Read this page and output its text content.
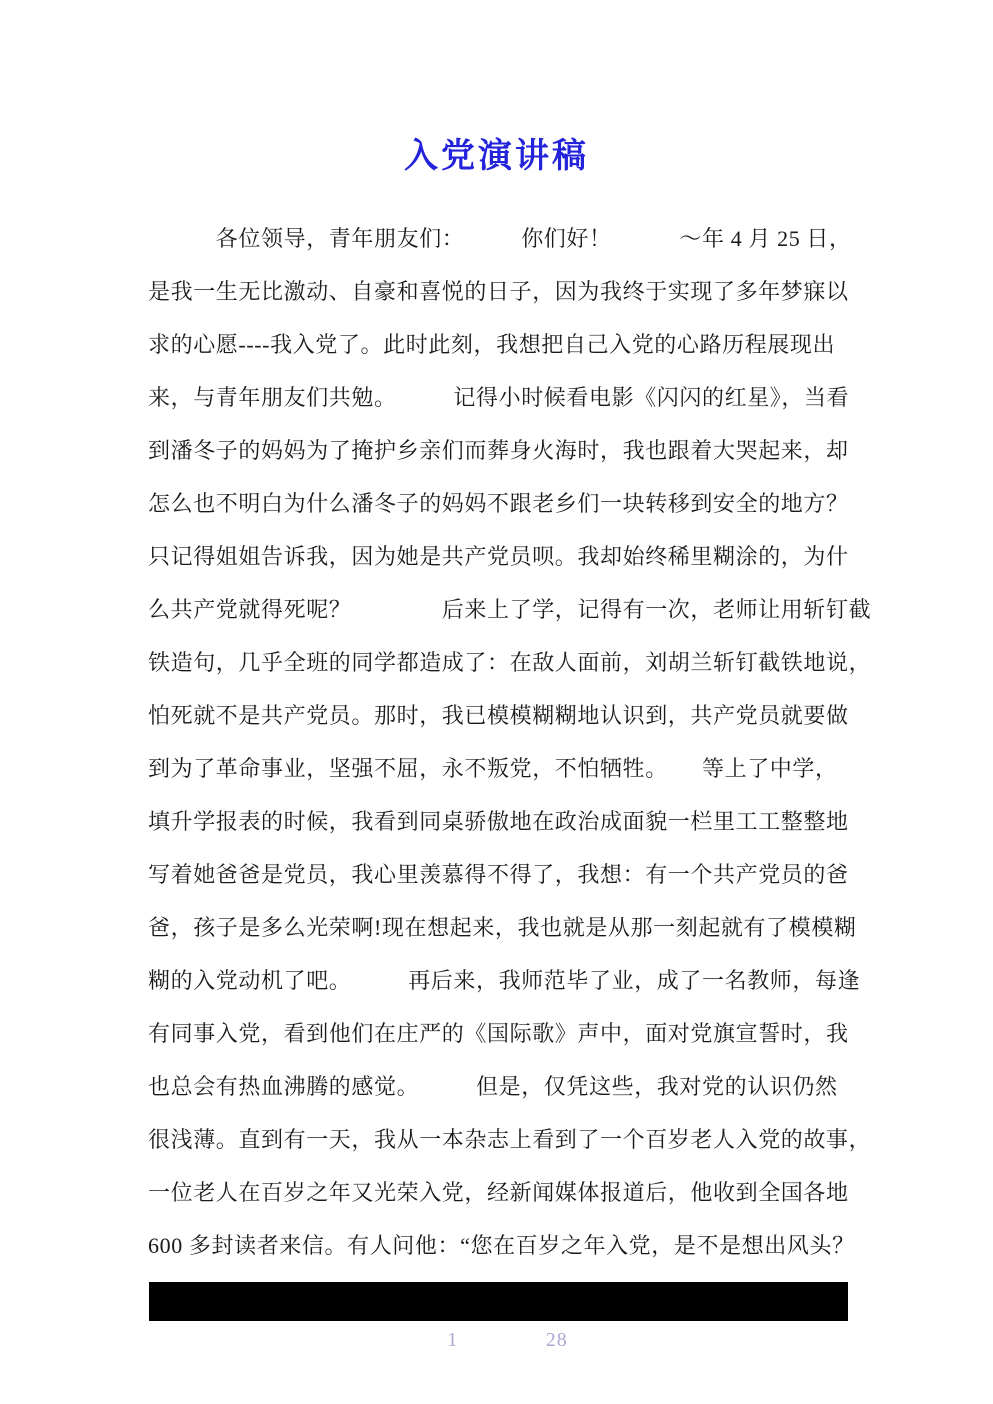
入党演讲稿
　　　各位领导，青年朋友们：　　　你们好！　　　～年 4 月 25 日，
是我一生无比激动、自豪和喜悦的日子，因为我终于实现了多年梦寐以
求的心愿----我入党了。此时此刻，我想把自己入党的心路历程展现出
来，与青年朋友们共勉。　　　记得小时候看电影《闪闪的红星》，当看
到潘冬子的妈妈为了掩护乡亲们而葬身火海时，我也跟着大哭起来，却
怎么也不明白为什么潘冬子的妈妈不跟老乡们一块转移到安全的地方？
只记得姐姐告诉我，因为她是共产党员呗。我却始终稀里糊涂的，为什
么共产党就得死呢？　　　　后来上了学，记得有一次，老师让用斩钉截
铁造句，几乎全班的同学都造成了：在敌人面前，刘胡兰斩钉截铁地说，
怕死就不是共产党员。那时，我已模模糊糊地认识到，共产党员就要做
到为了革命事业，坚强不屈，永不叛党，不怕牺牲。　　等上了中学，
填升学报表的时候，我看到同桌骄傲地在政治成面貌一栏里工工整整地
写着她爸爸是党员，我心里羡慕得不得了，我想：有一个共产党员的爸
爸，孩子是多么光荣啊!现在想起来，我也就是从那一刻起就有了模模糊
糊的入党动机了吧。　　　再后来，我师范毕了业，成了一名教师，每逢
有同事入党，看到他们在庄严的《国际歌》声中，面对党旗宣誓时，我
也总会有热血沸腾的感觉。　　　但是，仅凭这些，我对党的认识仍然
很浅薄。直到有一天，我从一本杂志上看到了一个百岁老人入党的故事，
一位老人在百岁之年又光荣入党，经新闻媒体报道后，他收到全国各地
600 多封读者来信。有人问他：“您在百岁之年入党，是不是想出风头？

第1 页 / 总共28 页
